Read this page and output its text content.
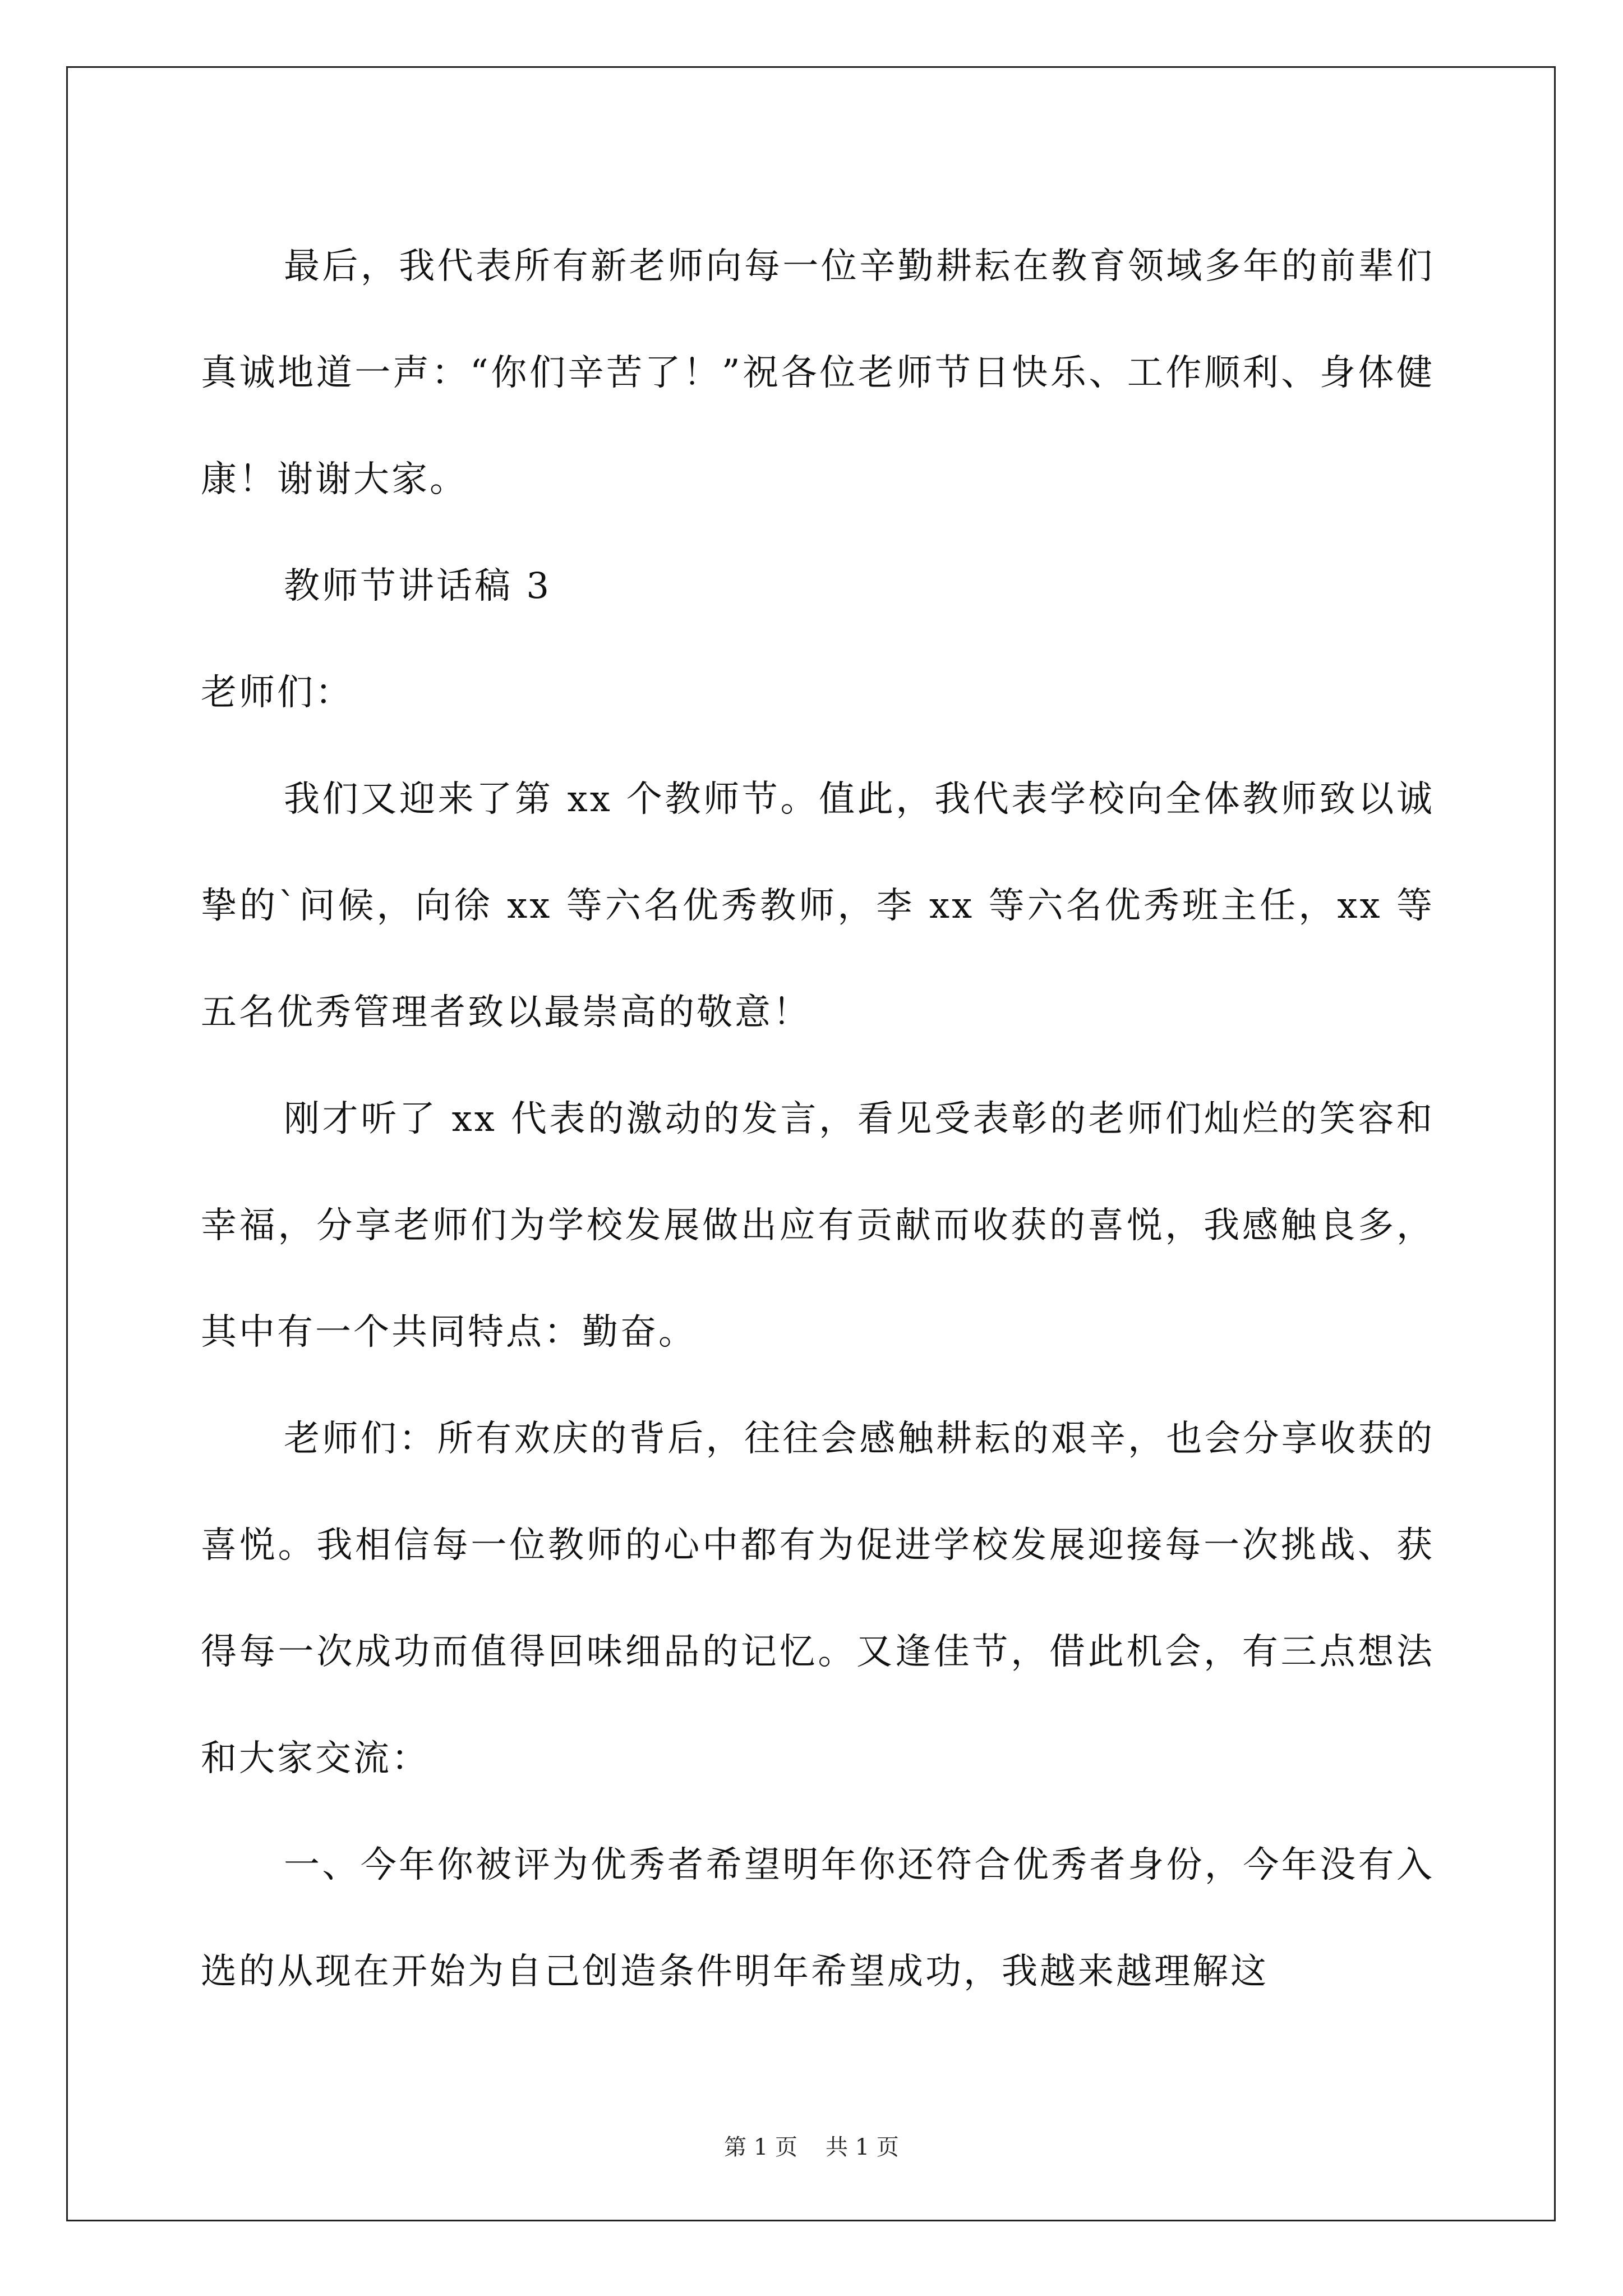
最后，我代表所有新老师向每一位辛勤耕耘在教育领域多年的前辈们真诚地道一声：“你们辛苦了！”祝各位老师节日快乐、工作顺利、身体健康！谢谢大家。

教师节讲话稿 3

老师们：

我们又迎来了第 xx 个教师节。值此，我代表学校向全体教师致以诚挚的`问候，向徐 xx 等六名优秀教师，李 xx 等六名优秀班主任，xx 等五名优秀管理者致以最崇高的敬意！

刚才听了 xx 代表的激动的发言，看见受表彰的老师们灿烂的笑容和幸福，分享老师们为学校发展做出应有贡献而收获的喜悦，我感触良多，其中有一个共同特点：勤奋。

老师们：所有欢庆的背后，往往会感触耕耘的艰辛，也会分享收获的喜悦。我相信每一位教师的心中都有为促进学校发展迎接每一次挑战、获得每一次成功而值得回味细品的记忆。又逢佳节，借此机会，有三点想法和大家交流：

一、今年你被评为优秀者希望明年你还符合优秀者身份，今年没有入选的从现在开始为自己创造条件明年希望成功，我越来越理解这

第 1 页 共 1 页
